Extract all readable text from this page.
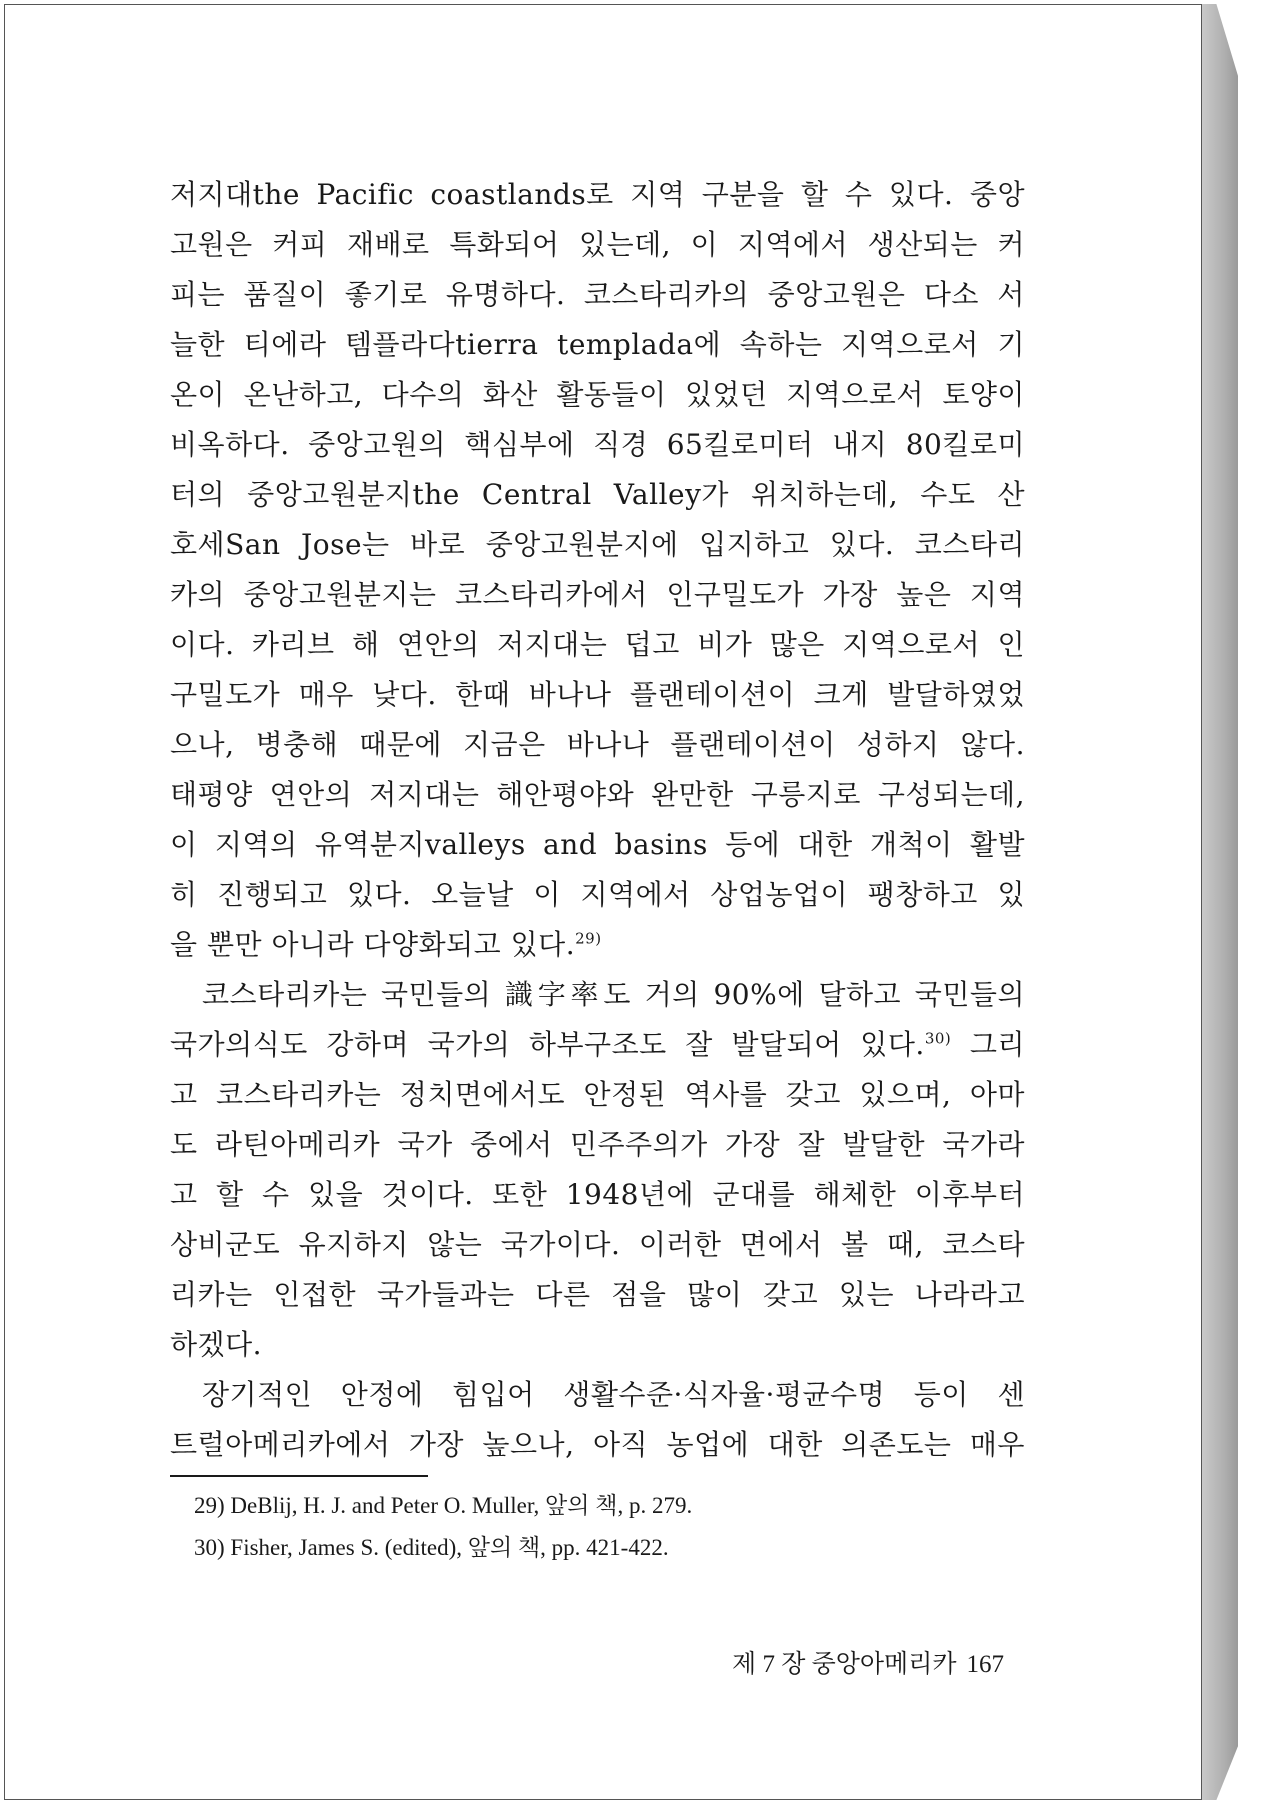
저지대the Pacific coastlands로 지역 구분을 할 수 있다. 중앙
고원은 커피 재배로 특화되어 있는데, 이 지역에서 생산되는 커
피는 품질이 좋기로 유명하다. 코스타리카의 중앙고원은 다소 서
늘한 티에라 템플라다tierra templada에 속하는 지역으로서 기
온이 온난하고, 다수의 화산 활동들이 있었던 지역으로서 토양이
비옥하다. 중앙고원의 핵심부에 직경 65킬로미터 내지 80킬로미
터의 중앙고원분지the Central Valley가 위치하는데, 수도 산
호세San Jose는 바로 중앙고원분지에 입지하고 있다. 코스타리
카의 중앙고원분지는 코스타리카에서 인구밀도가 가장 높은 지역
이다. 카리브 해 연안의 저지대는 덥고 비가 많은 지역으로서 인
구밀도가 매우 낮다. 한때 바나나 플랜테이션이 크게 발달하였었
으나, 병충해 때문에 지금은 바나나 플랜테이션이 성하지 않다.
태평양 연안의 저지대는 해안평야와 완만한 구릉지로 구성되는데,
이 지역의 유역분지valleys and basins 등에 대한 개척이 활발
히 진행되고 있다. 오늘날 이 지역에서 상업농업이 팽창하고 있
을 뿐만 아니라 다양화되고 있다.$^{29)}$
코스타리카는 국민들의 識字率도 거의 90%에 달하고 국민들의
국가의식도 강하며 국가의 하부구조도 잘 발달되어 있다.$^{30)}$ 그리
고 코스타리카는 정치면에서도 안정된 역사를 갖고 있으며, 아마
도 라틴아메리카 국가 중에서 민주주의가 가장 잘 발달한 국가라
고 할 수 있을 것이다. 또한 1948년에 군대를 해체한 이후부터
상비군도 유지하지 않는 국가이다. 이러한 면에서 볼 때, 코스타
리카는 인접한 국가들과는 다른 점을 많이 갖고 있는 나라라고
하겠다.
장기적인 안정에 힘입어 생활수준·식자율·평균수명 등이 센
트럴아메리카에서 가장 높으나, 아직 농업에 대한 의존도는 매우
29) DeBlij, H. J. and Peter O. Muller, 앞의 책, p. 279.
30) Fisher, James S. (edited), 앞의 책, pp. 421-422.
제 7 장 중앙아메리카 167
